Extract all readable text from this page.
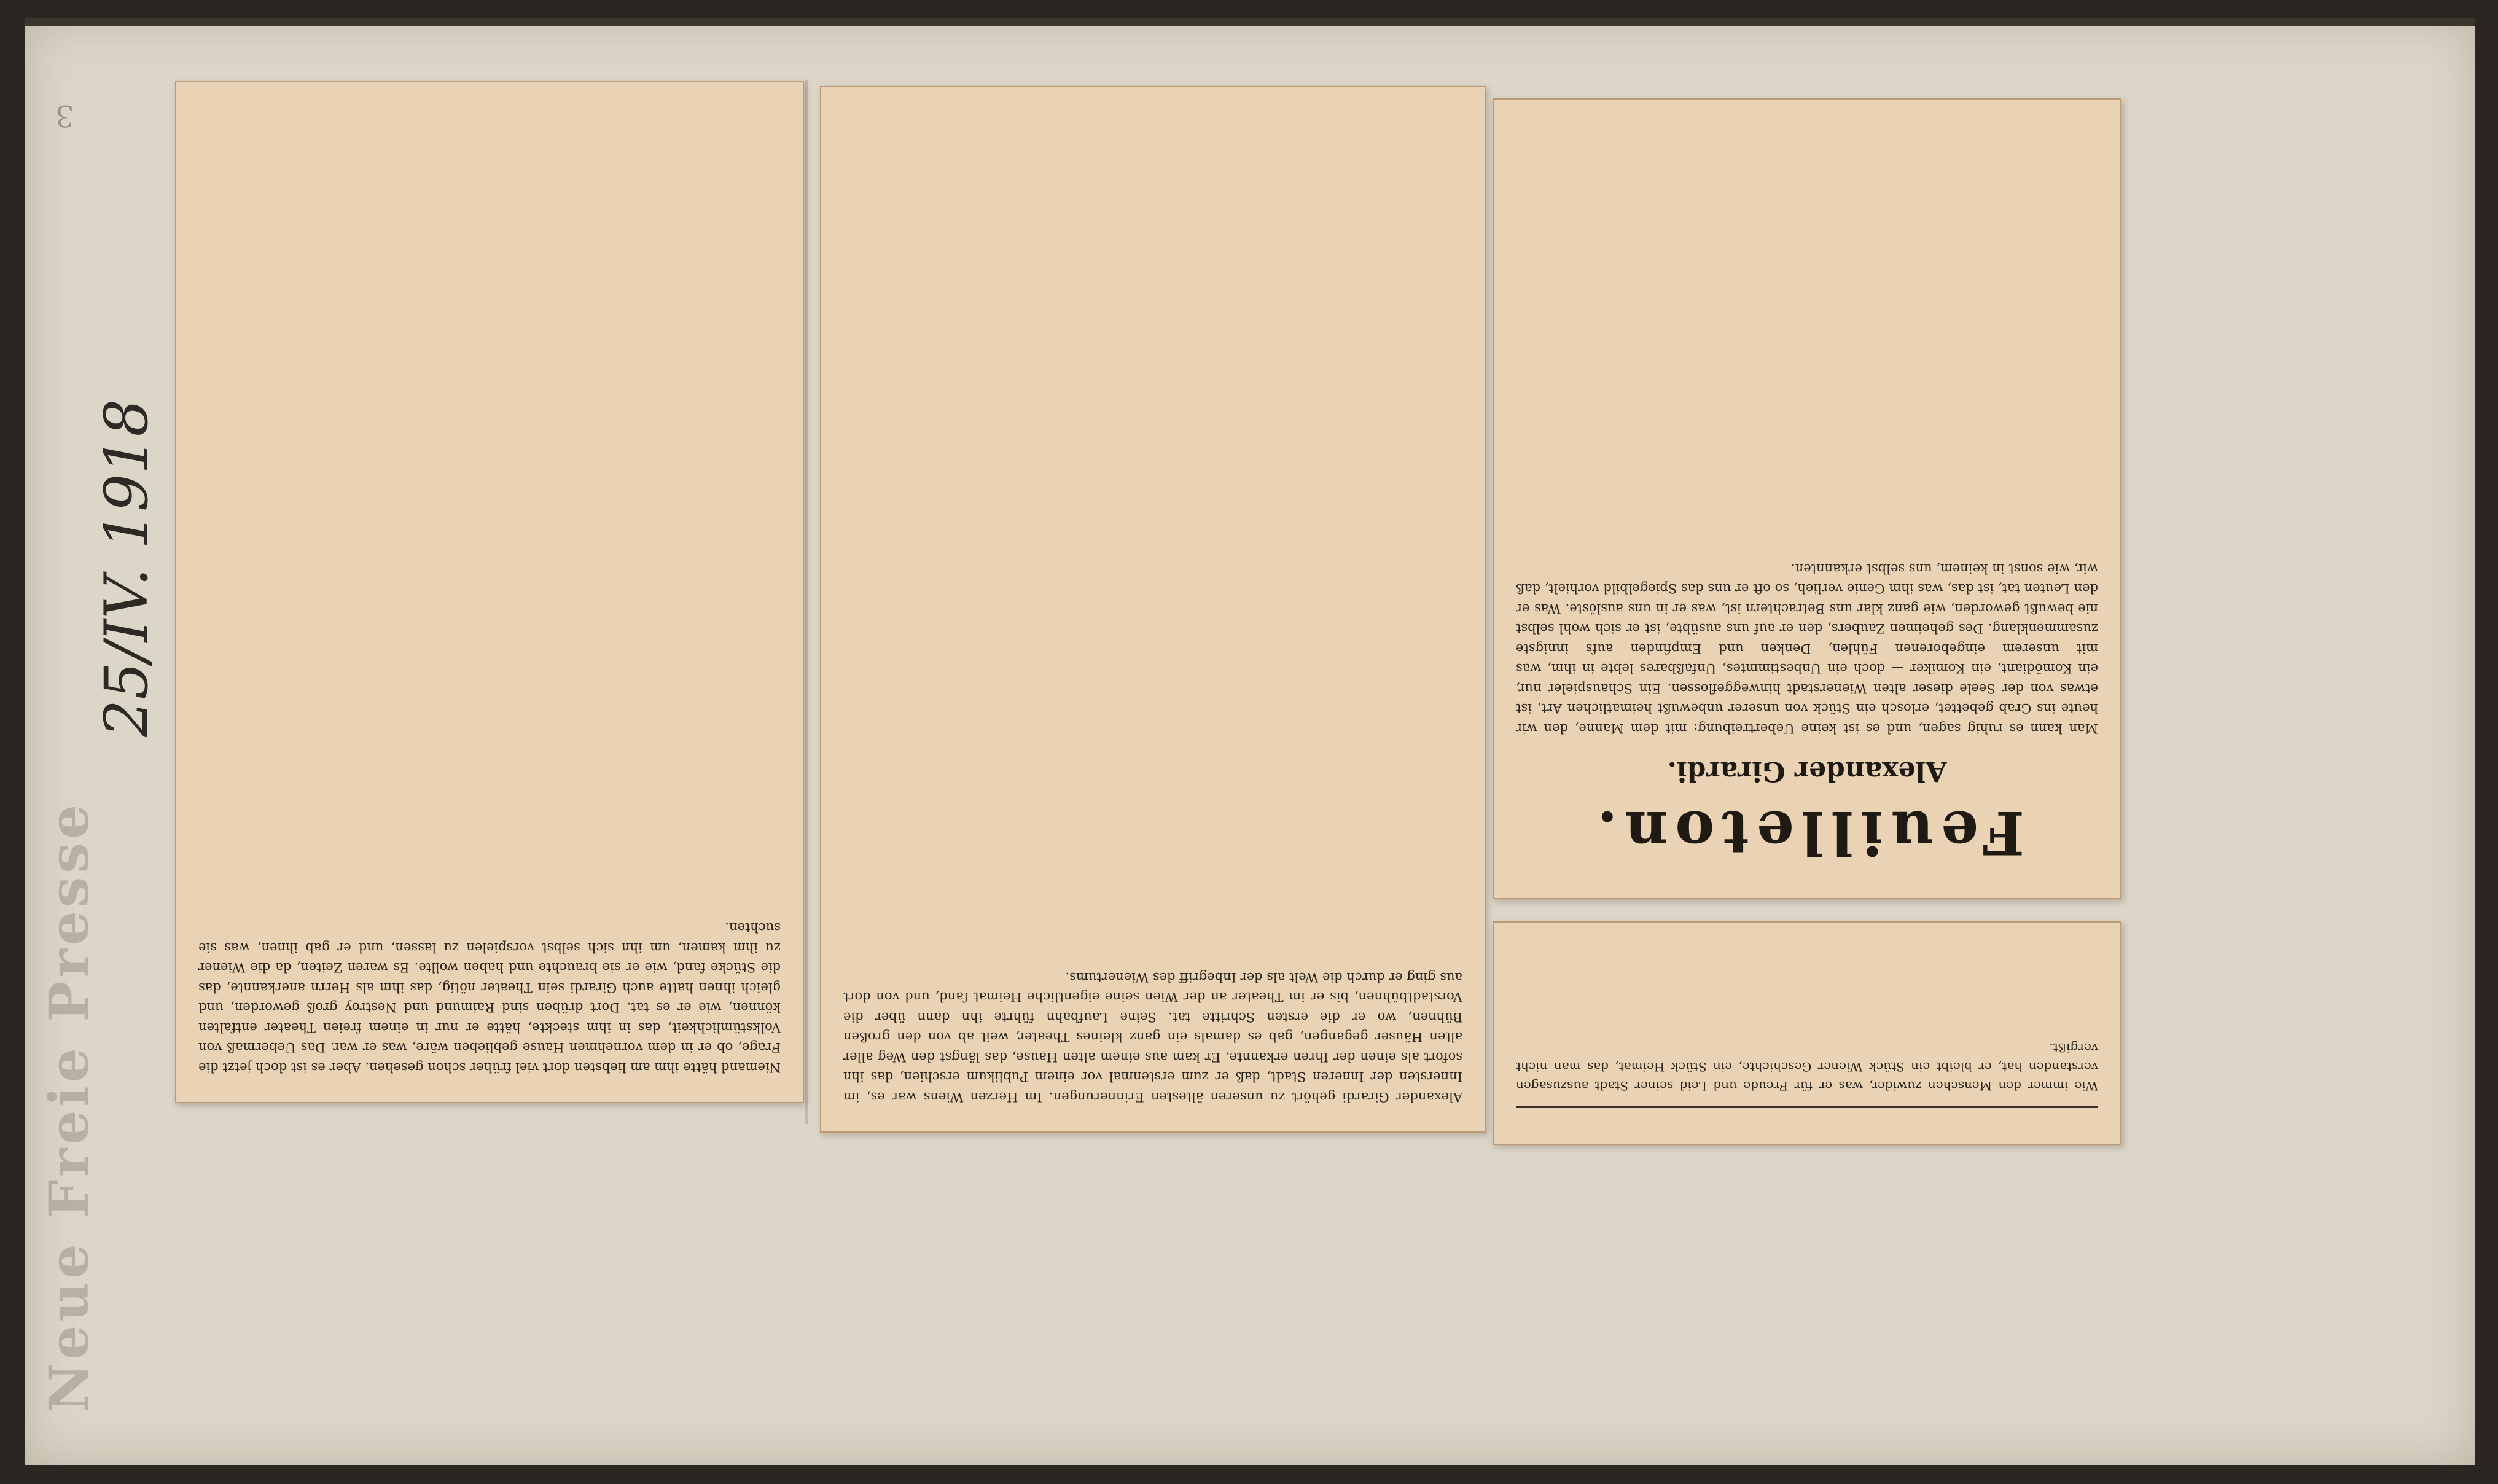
3
Neue Freie Presse
25/IV. 1918

Niemand hätte ihm am liebsten dort viel früher schon gesehen. Aber es ist doch jetzt die Frage, ob er in dem vornehmen Hause geblieben wäre, was er war. Das Uebermaß von Volkstümlichkeit, das in ihm steckte, hätte er nur in einem freien Theater entfalten können, wie er es tat. Dort drüben sind Raimund und Nestroy groß geworden, und gleich ihnen hatte auch Girardi sein Theater nötig, das ihm als Herrn anerkannte, das die Stücke fand, wie er sie brauchte und haben wollte. Es waren Zeiten, da die Wiener zu ihm kamen, um ihn sich selbst vorspielen zu lassen, und er gab ihnen, was sie suchten.

Alexander Girardi gehört zu unseren ältesten Erinnerungen. Im Herzen Wiens war es, im Innersten der Inneren Stadt, daß er zum erstenmal vor einem Publikum erschien, das ihn sofort als einen der Ihren erkannte. Er kam aus einem alten Hause, das längst den Weg aller alten Häuser gegangen, gab es damals ein ganz kleines Theater, weit ab von den großen Bühnen, wo er die ersten Schritte tat. Seine Laufbahn führte ihn dann über die Vorstadtbühnen, bis er im Theater an der Wien seine eigentliche Heimat fand, und von dort aus ging er durch die Welt als der Inbegriff des Wienertums.

Feuilleton.
Alexander Girardi.

Man kann es ruhig sagen, und es ist keine Uebertreibung: mit dem Manne, den wir heute ins Grab gebettet, erlosch ein Stück von unserer unbewußt heimatlichen Art, ist etwas von der Seele dieser alten Wienerstadt hinweggeflossen. Ein Schauspieler nur, ein Komödiant, ein Komiker — doch ein Unbestimmtes, Unfaßbares lebte in ihm, was mit unserem eingeborenen Fühlen, Denken und Empfinden aufs innigste zusammenklang. Des geheimen Zaubers, den er auf uns ausübte, ist er sich wohl selbst nie bewußt geworden, wie ganz klar uns Betrachtern ist, was er in uns auslöste. Was er den Leuten tat, ist das, was ihm Genie verlieh, so oft er uns das Spiegelbild vorhielt, daß wir, wie sonst in keinem, uns selbst erkannten.

Wie immer den Menschen zuwider, was er für Freude und Leid seiner Stadt auszusagen verstanden hat, er bleibt ein Stück Wiener Geschichte, ein Stück Heimat, das man nicht vergißt.
